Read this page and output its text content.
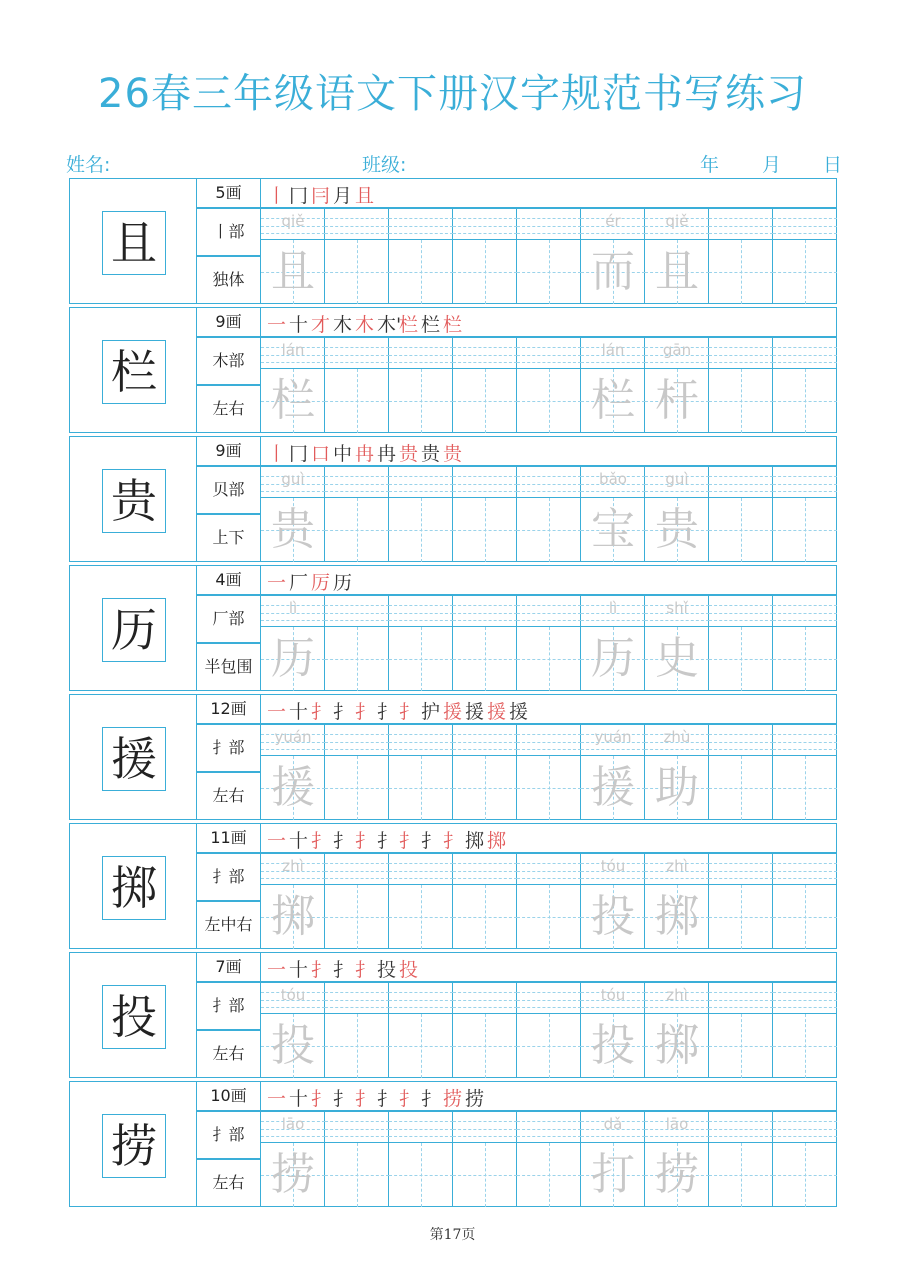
26春三年级语文下册汉字规范书写练习
姓名:	班级:	年 月 日
且
5画
丨部
独体
丨 冂 冃 月 且
qiě
且
ér
而
qiě
且
栏
9画
木部
左右
一 十 才 木 木 木'
栏 栏 栏
lán
栏
lán
栏
gān
杆
贵
9画
贝部
上下
丨 冂 口 中 冉 冉 贵 贵 贵
guì
贵
bǎo
宝
guì
贵
历
4画
厂部
半包围
一 厂 厉 历
lì
历
lì
历
shǐ
史
援
12画
扌部
左右
一 十 扌 扌 扌 扌 扌 护 援 援 援 援
yuán
援
yuán
援
zhù
助
掷
11画
扌部
左中右
一 十 扌 扌 扌 扌 扌 扌 扌 掷 掷
zhì
掷
tóu
投
zhì
掷
投
7画
扌部
左右
一 十 扌 扌 扌 投 投
tóu
投
tóu
投
zhì
掷
捞
10画
扌部
左右
一 十 扌 扌 扌 扌 扌 扌 捞 捞
lāo
捞
dǎ
打
lāo
捞
第17页
